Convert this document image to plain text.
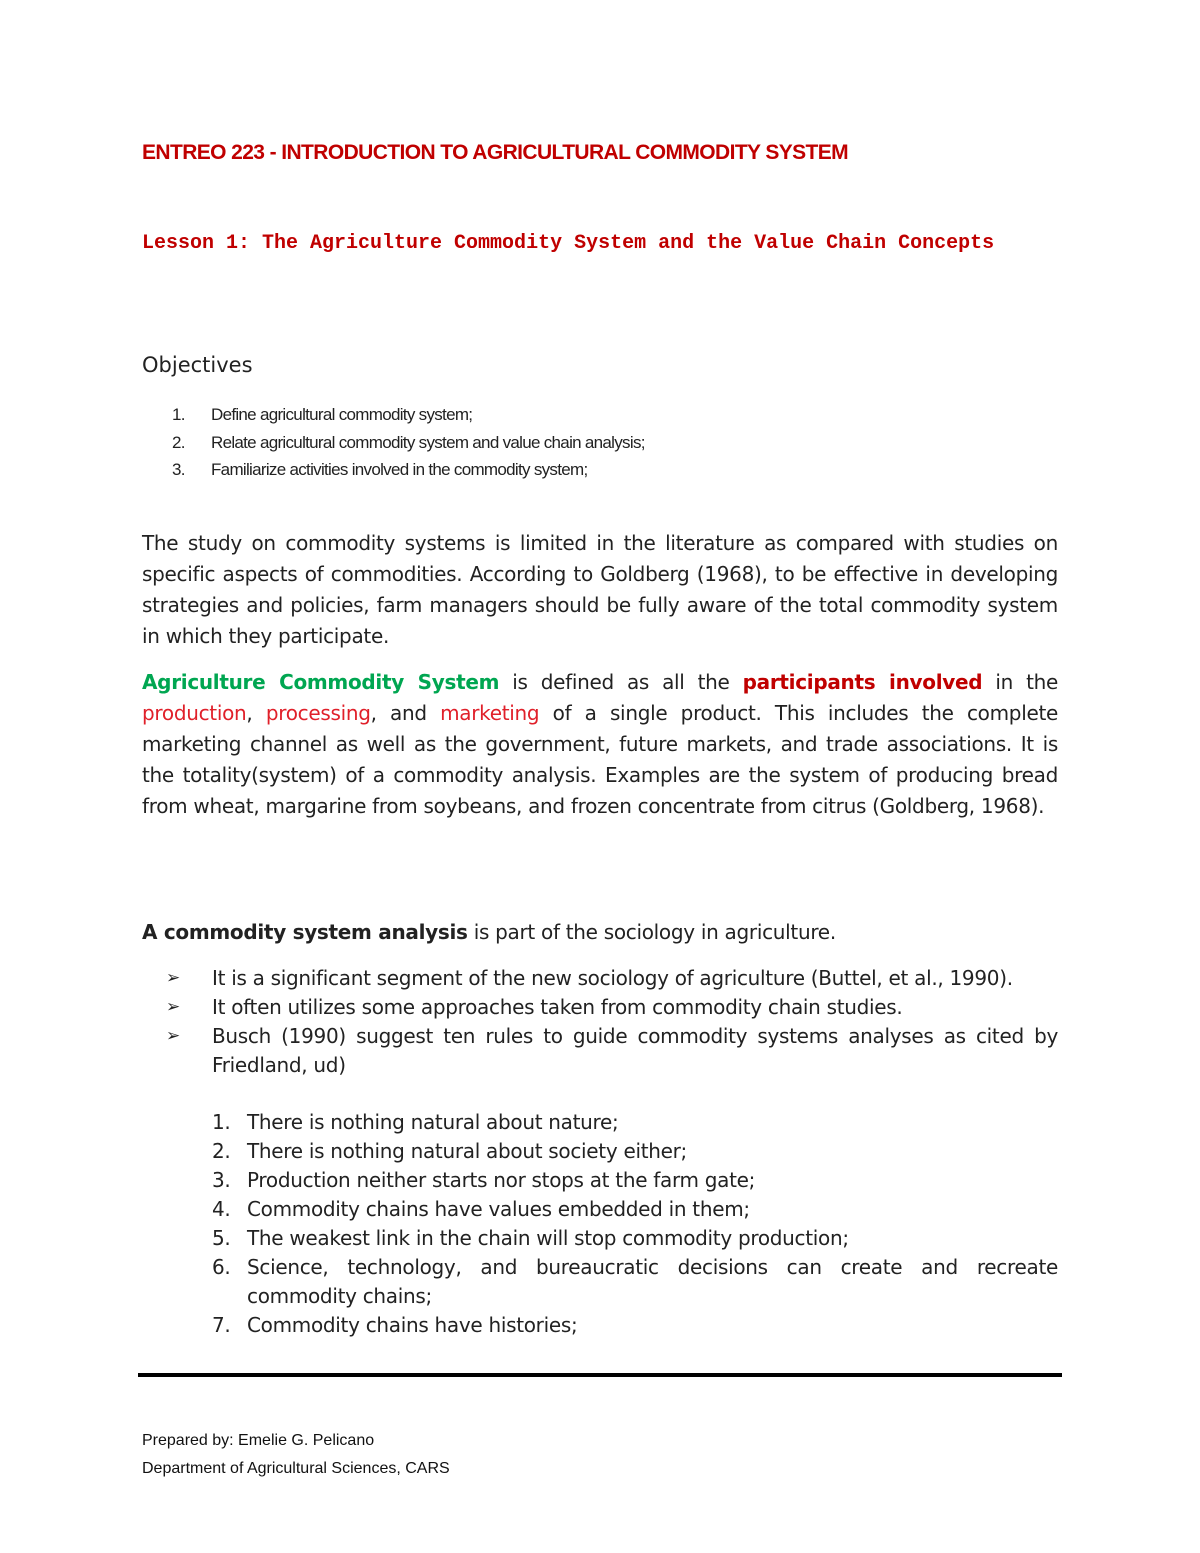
ENTREO 223 - INTRODUCTION TO AGRICULTURAL COMMODITY SYSTEM
Lesson 1: The Agriculture Commodity System and the Value Chain Concepts
Objectives
1.	Define agricultural commodity system;
2.	Relate agricultural commodity system and value chain analysis;
3.	Familiarize activities involved in the commodity system;

The study on commodity systems is limited in the literature as compared with studies on specific aspects of commodities. According to Goldberg (1968), to be effective in developing strategies and policies, farm managers should be fully aware of the total commodity system in which they participate.

Agriculture Commodity System is defined as all the participants involved in the production, processing, and marketing of a single product. This includes the complete marketing channel as well as the government, future markets, and trade associations. It is the totality(system) of a commodity analysis. Examples are the system of producing bread from wheat, margarine from soybeans, and frozen concentrate from citrus (Goldberg, 1968).

A commodity system analysis is part of the sociology in agriculture.

➢	It is a significant segment of the new sociology of agriculture (Buttel, et al., 1990).
➢	It often utilizes some approaches taken from commodity chain studies.
➢	Busch (1990) suggest ten rules to guide commodity systems analyses as cited by Friedland, ud)
1. There is nothing natural about nature;
2. There is nothing natural about society either;
3. Production neither starts nor stops at the farm gate;
4. Commodity chains have values embedded in them;
5. The weakest link in the chain will stop commodity production;
6. Science, technology, and bureaucratic decisions can create and recreate commodity chains;
7. Commodity chains have histories;
Prepared by: Emelie G. Pelicano
Department of Agricultural Sciences, CARS
